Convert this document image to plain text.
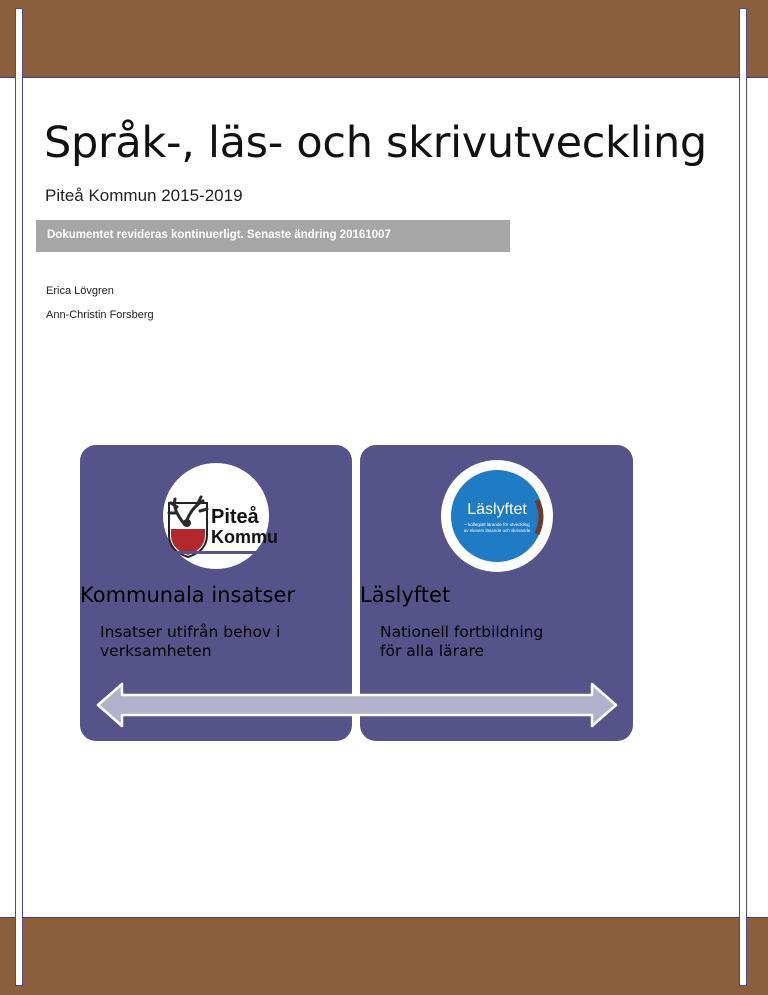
Språk-, läs- och skrivutveckling
Piteå Kommun 2015-2019
Dokumentet revideras kontinuerligt. Senaste ändring 20161007
Erica Lövgren
Ann-Christin Forsberg
Piteå
Kommu
Kommunala insatser
Insatser utifrån behov i
verksamheten
Läslyftet
– kollegialt lärande för utveckling
av elevers läsande och skrivande
Läslyftet
Nationell fortbildning
för alla lärare
